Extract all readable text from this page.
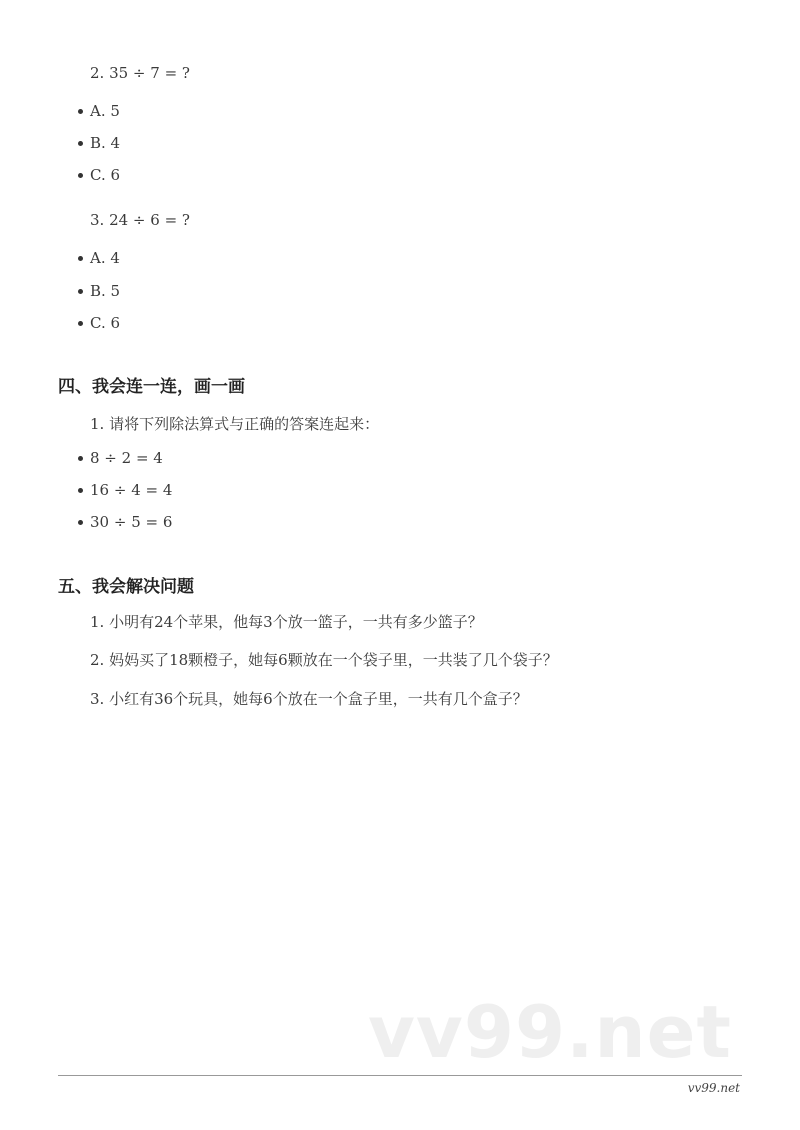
2. 35 ÷ 7 = ?
A. 5
B. 4
C. 6
3. 24 ÷ 6 = ?
A. 4
B. 5
C. 6
四、我会连一连，画一画
1. 请将下列除法算式与正确的答案连起来：
8 ÷ 2 = 4
16 ÷ 4 = 4
30 ÷ 5 = 6
五、我会解决问题
1. 小明有24个苹果，他每3个放一篮子，一共有多少篮子？
2. 妈妈买了18颗橙子，她每6颗放在一个袋子里，一共装了几个袋子？
3. 小红有36个玩具，她每6个放在一个盒子里，一共有几个盒子？
vv99.net
vv99.net
